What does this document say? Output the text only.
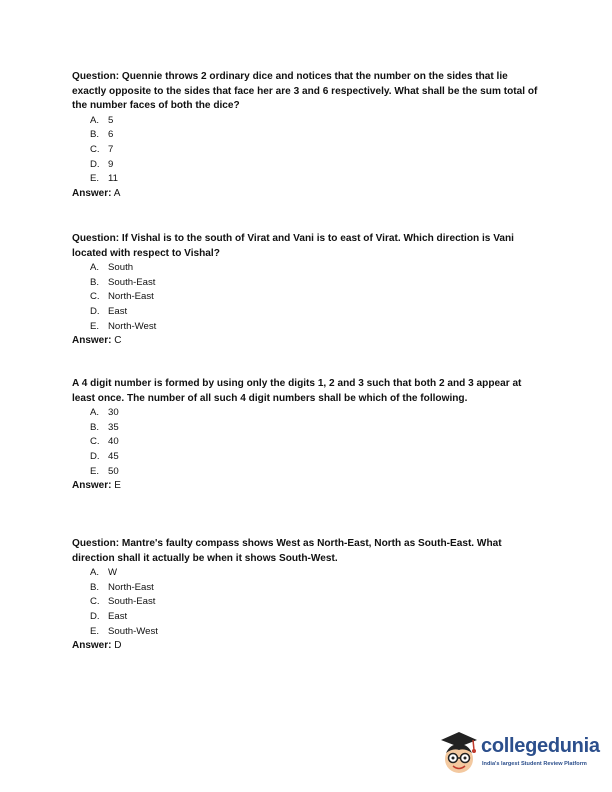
Question: Quennie throws 2 ordinary dice and notices that the number on the sides that lie exactly opposite to the sides that face her are 3 and 6 respectively. What shall be the sum total of the number faces of both the dice?

A. 5
B. 6
C. 7
D. 9
E. 11
Answer: A

Question: If Vishal is to the south of Virat and Vani is to east of Virat. Which direction is Vani located with respect to Vishal?

A. South
B. South-East
C. North-East
D. East
E. North-West
Answer: C

A 4 digit number is formed by using only the digits 1, 2 and 3 such that both 2 and 3 appear at least once. The number of all such 4 digit numbers shall be which of the following.

A. 30
B. 35
C. 40
D. 45
E. 50
Answer: E

Question: Mantre's faulty compass shows West as North-East, North as South-East. What direction shall it actually be when it shows South-West.

A. W
B. North-East
C. South-East
D. East
E. South-West
Answer: D
collegedunia
India's largest Student Review Platform
